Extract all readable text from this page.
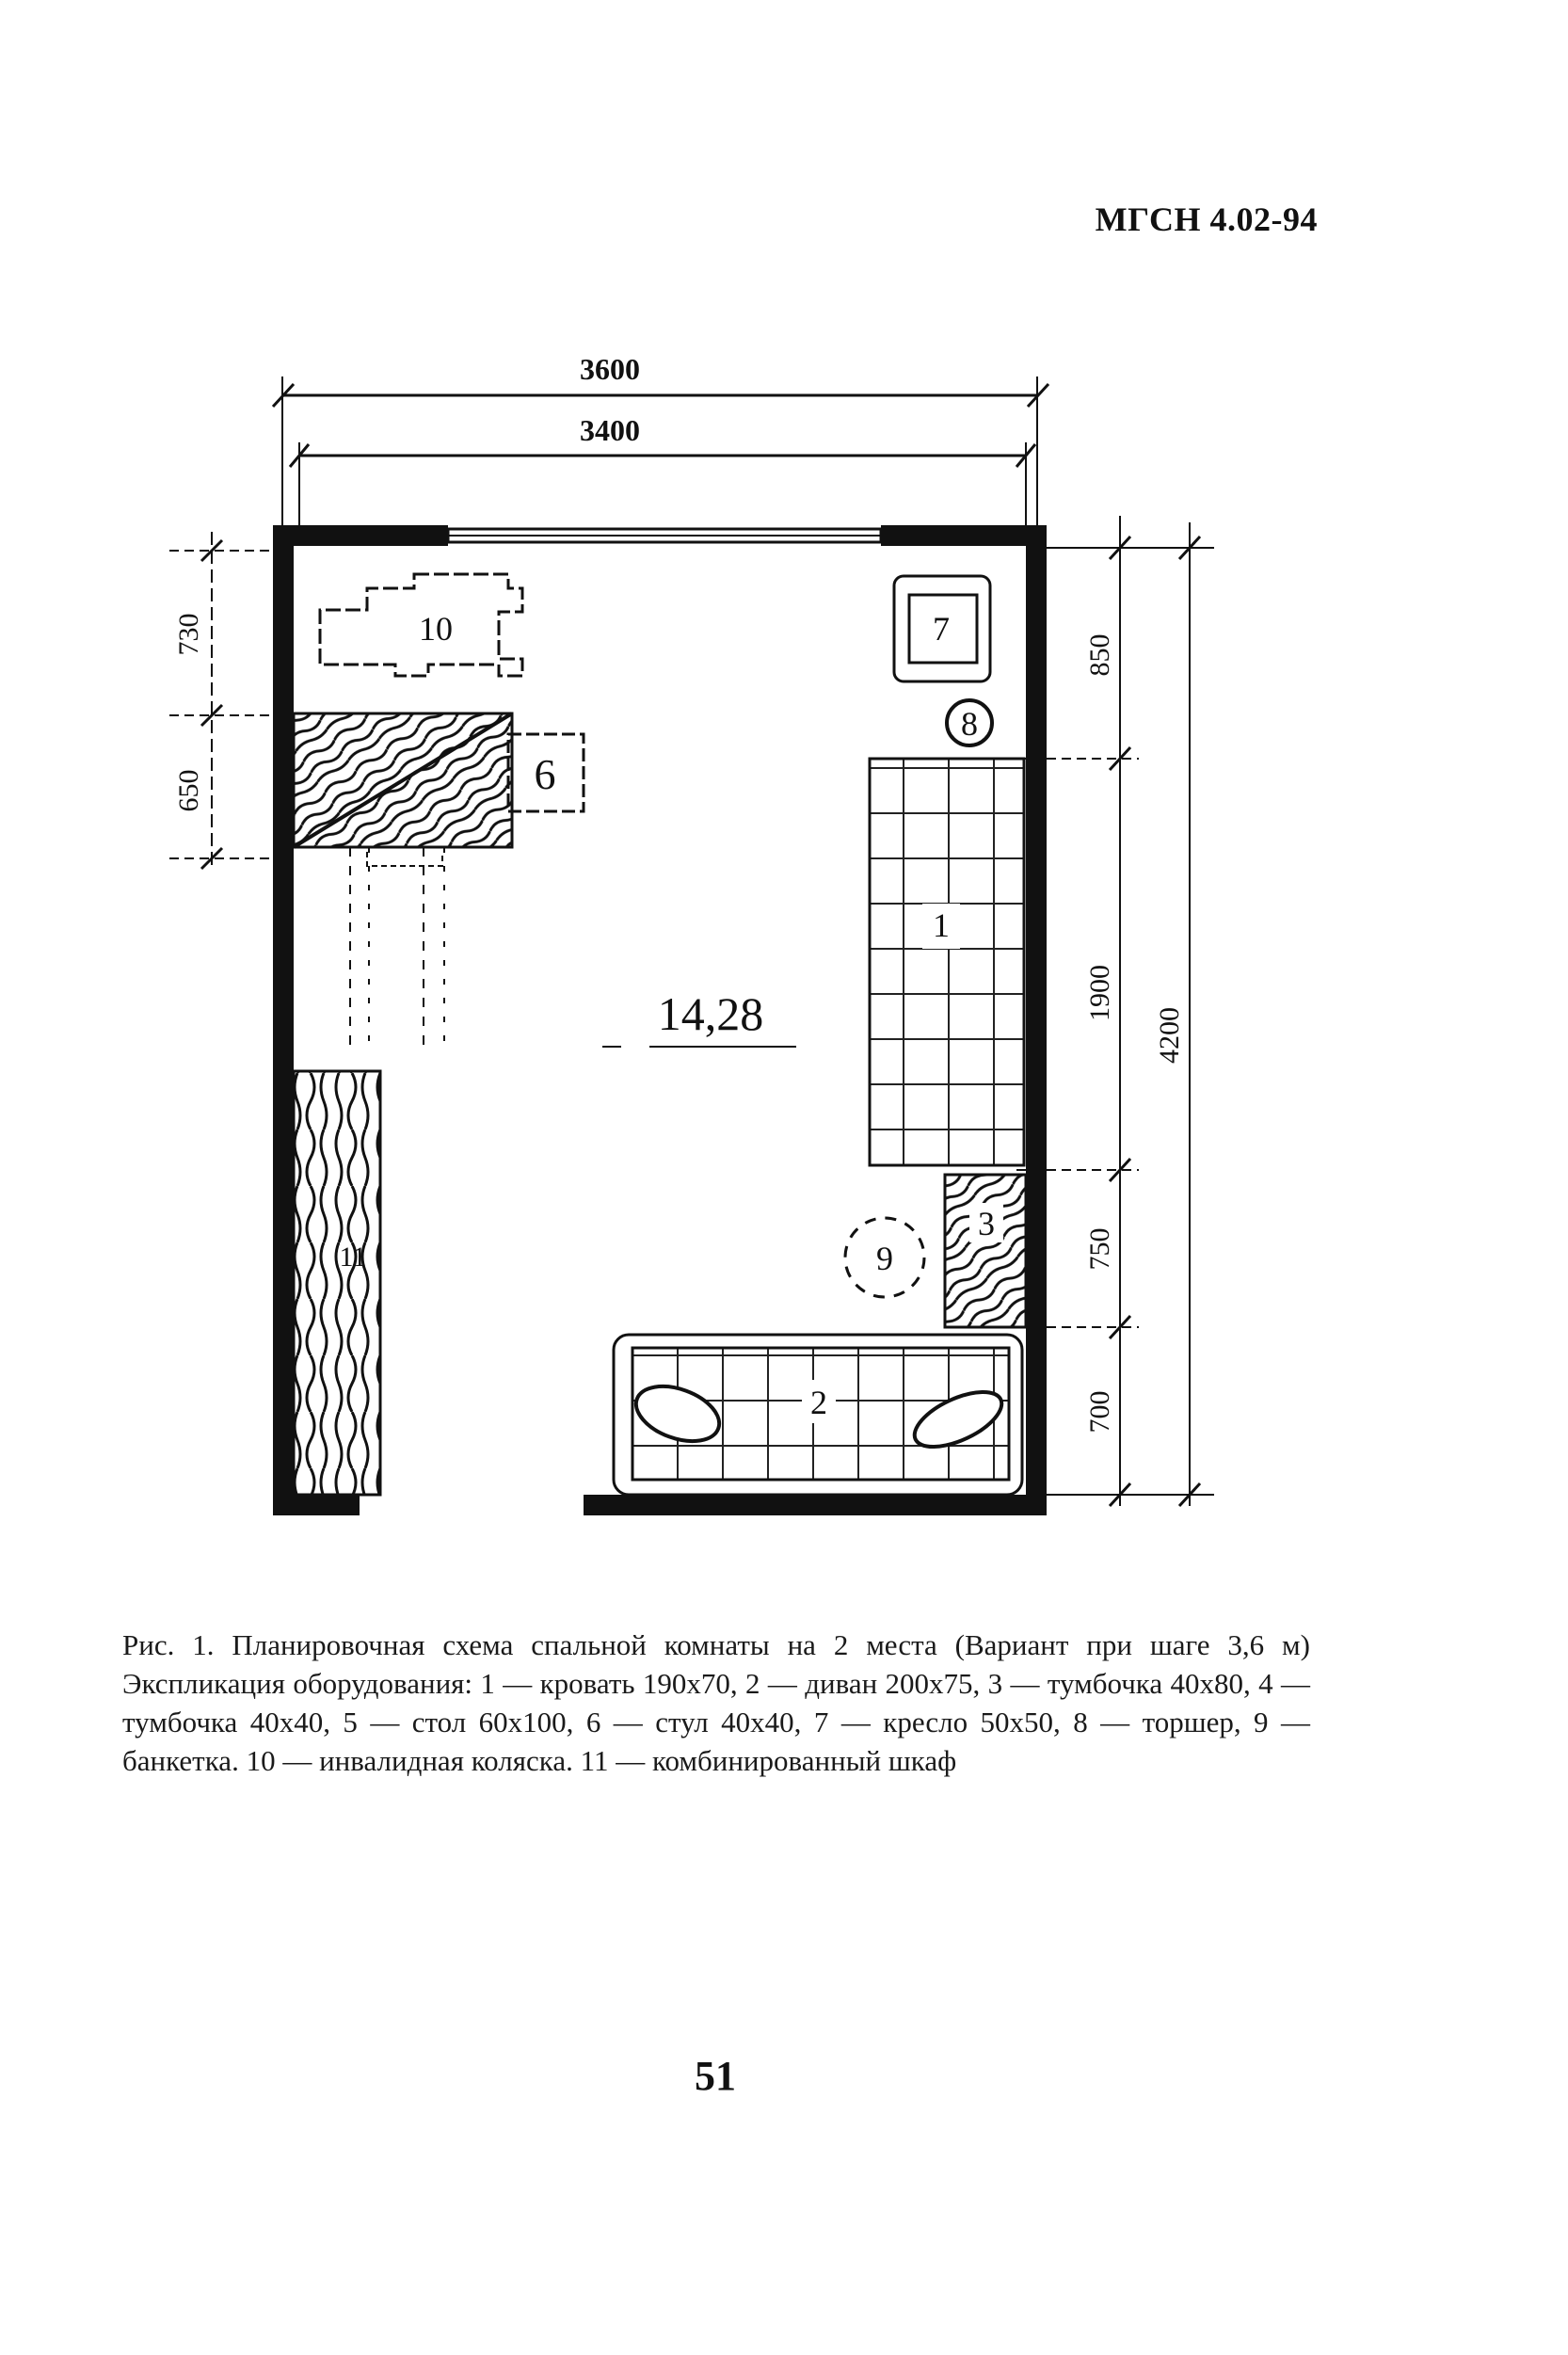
МГСН 4.02-94
3600
3400
730
650
850
1900
750
700
4200
10
6
11
7
8
1
3
9
2
14,28
Рис. 1. Планировочная схема спальной комнаты на 2 места (Вариант при шаге 3,6 м) Экспликация оборудования: 1 — кровать 190x70, 2 — диван 200x75, 3 — тумбочка 40x80, 4 — тумбочка 40x40, 5 — стол 60x100, 6 — стул 40x40, 7 — кресло 50x50, 8 — торшер, 9 — банкетка. 10 — инвалидная коляска. 11 — комбинированный шкаф
51
